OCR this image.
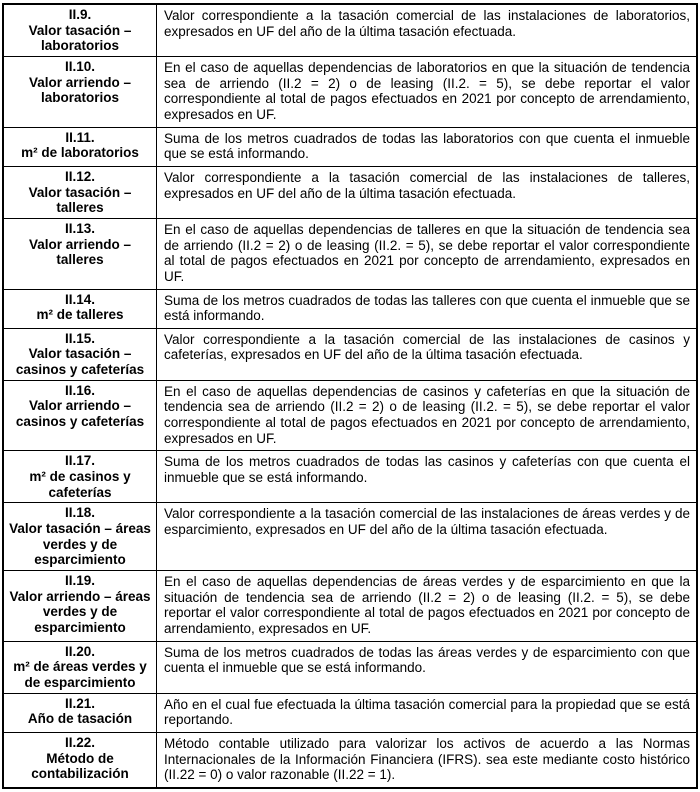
II.9.
Valor tasación – laboratorios	Valor correspondiente a la tasación comercial de las instalaciones de laboratorios, expresados en UF del año de la última tasación efectuada.

II.10.
Valor arriendo – laboratorios	En el caso de aquellas dependencias de laboratorios en que la situación de tendencia sea de arriendo (II.2 = 2) o de leasing (II.2. = 5), se debe reportar el valor correspondiente al total de pagos efectuados en 2021 por concepto de arrendamiento, expresados en UF.

II.11.
m² de laboratorios	Suma de los metros cuadrados de todas las laboratorios con que cuenta el inmueble que se está informando.

II.12.
Valor tasación – talleres	Valor correspondiente a la tasación comercial de las instalaciones de talleres, expresados en UF del año de la última tasación efectuada.

II.13.
Valor arriendo – talleres	En el caso de aquellas dependencias de talleres en que la situación de tendencia sea de arriendo (II.2 = 2) o de leasing (II.2. = 5), se debe reportar el valor correspondiente al total de pagos efectuados en 2021 por concepto de arrendamiento, expresados en UF.

II.14.
m² de talleres	Suma de los metros cuadrados de todas las talleres con que cuenta el inmueble que se está informando.

II.15.
Valor tasación – casinos y cafeterías	Valor correspondiente a la tasación comercial de las instalaciones de casinos y cafeterías, expresados en UF del año de la última tasación efectuada.

II.16.
Valor arriendo – casinos y cafeterías	En el caso de aquellas dependencias de casinos y cafeterías en que la situación de tendencia sea de arriendo (II.2 = 2) o de leasing (II.2. = 5), se debe reportar el valor correspondiente al total de pagos efectuados en 2021 por concepto de arrendamiento, expresados en UF.

II.17.
m² de casinos y cafeterías	Suma de los metros cuadrados de todas las casinos y cafeterías con que cuenta el inmueble que se está informando.

II.18.
Valor tasación – áreas verdes y de esparcimiento	Valor correspondiente a la tasación comercial de las instalaciones de áreas verdes y de esparcimiento, expresados en UF del año de la última tasación efectuada.

II.19.
Valor arriendo – áreas verdes y de esparcimiento	En el caso de aquellas dependencias de áreas verdes y de esparcimiento en que la situación de tendencia sea de arriendo (II.2 = 2) o de leasing (II.2. = 5), se debe reportar el valor correspondiente al total de pagos efectuados en 2021 por concepto de arrendamiento, expresados en UF.

II.20.
m² de áreas verdes y de esparcimiento	Suma de los metros cuadrados de todas las áreas verdes y de esparcimiento con que cuenta el inmueble que se está informando.

II.21.
Año de tasación	Año en el cual fue efectuada la última tasación comercial para la propiedad que se está reportando.

II.22.
Método de contabilización	Método contable utilizado para valorizar los activos de acuerdo a las Normas Internacionales de la Información Financiera (IFRS). sea este mediante costo histórico (II.22 = 0) o valor razonable (II.22 = 1).
